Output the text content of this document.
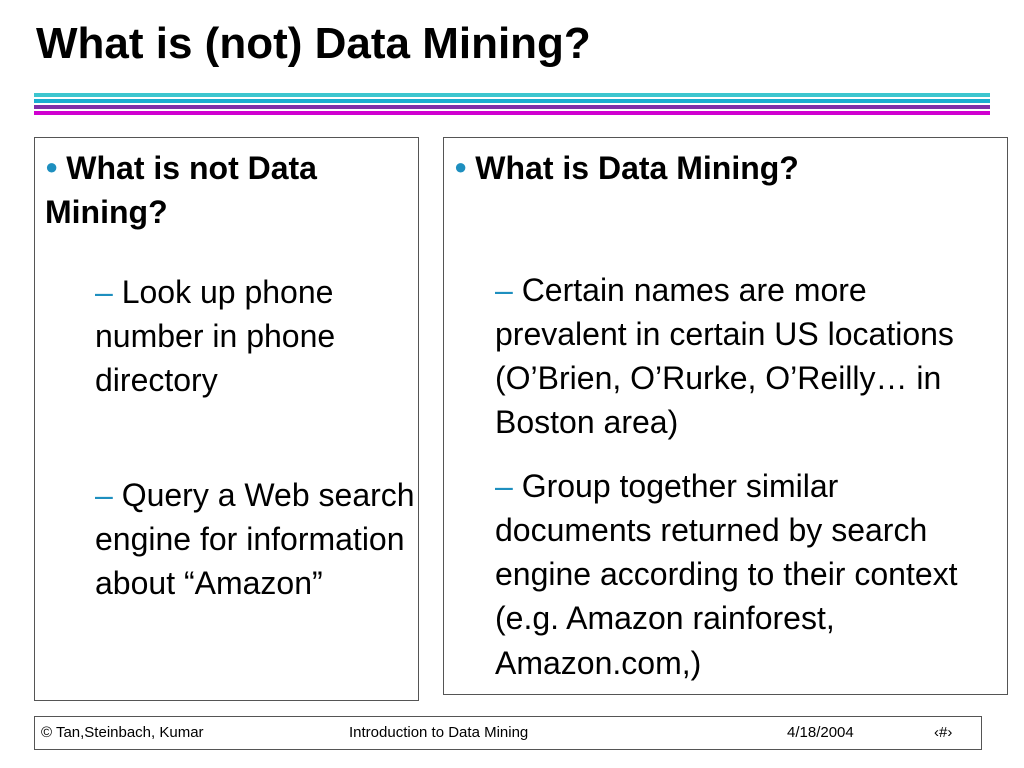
What is (not) Data Mining?

● What is not Data Mining?

– Look up phone number in phone directory

– Query a Web search engine for information about “Amazon”

● What is Data Mining?

– Certain names are more prevalent in certain US locations (O’Brien, O’Rurke, O’Reilly… in Boston area)

– Group together similar documents returned by search engine according to their context (e.g. Amazon rainforest, Amazon.com,)

© Tan,Steinbach, Kumar	Introduction to Data Mining	4/18/2004	‹#›
